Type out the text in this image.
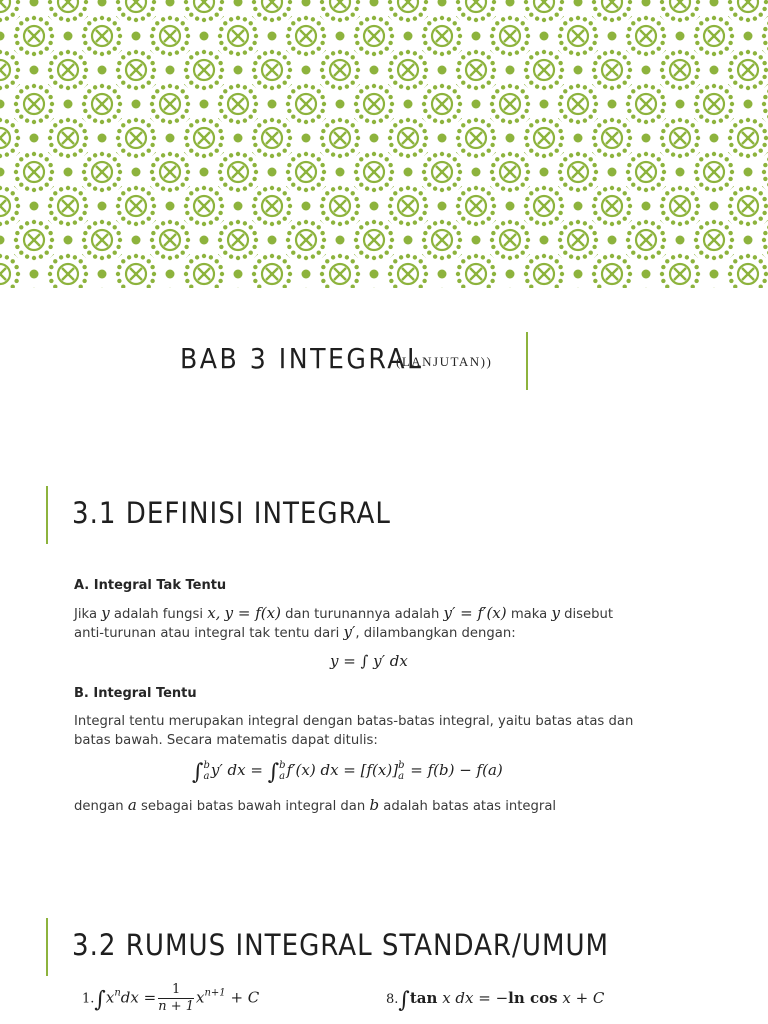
BAB 3 INTEGRAL
(LANJUTAN))
3.1 DEFINISI INTEGRAL
A. Integral Tak Tentu
Jika y adalah fungsi x, y = f(x) dan turunannya adalah y′ = f′(x) maka y disebut
anti-turunan atau integral tak tentu dari y′, dilambangkan dengan:
y = ∫ y′ dx
B. Integral Tentu
Integral tentu merupakan integral dengan batas-batas integral, yaitu batas atas dan
batas bawah. Secara matematis dapat ditulis:
∫ b
a y′ dx = ∫ b
a f′(x) dx = [f(x)] b
a = f(b) − f(a)
dengan a sebagai batas bawah integral dan b adalah batas atas integral
3.2 RUMUS INTEGRAL STANDAR/UMUM
$1.\int x^ndx = \frac{1}{n + 1} x^{n+1} + C$	8.∫tan x dx = −ln cos x + C
